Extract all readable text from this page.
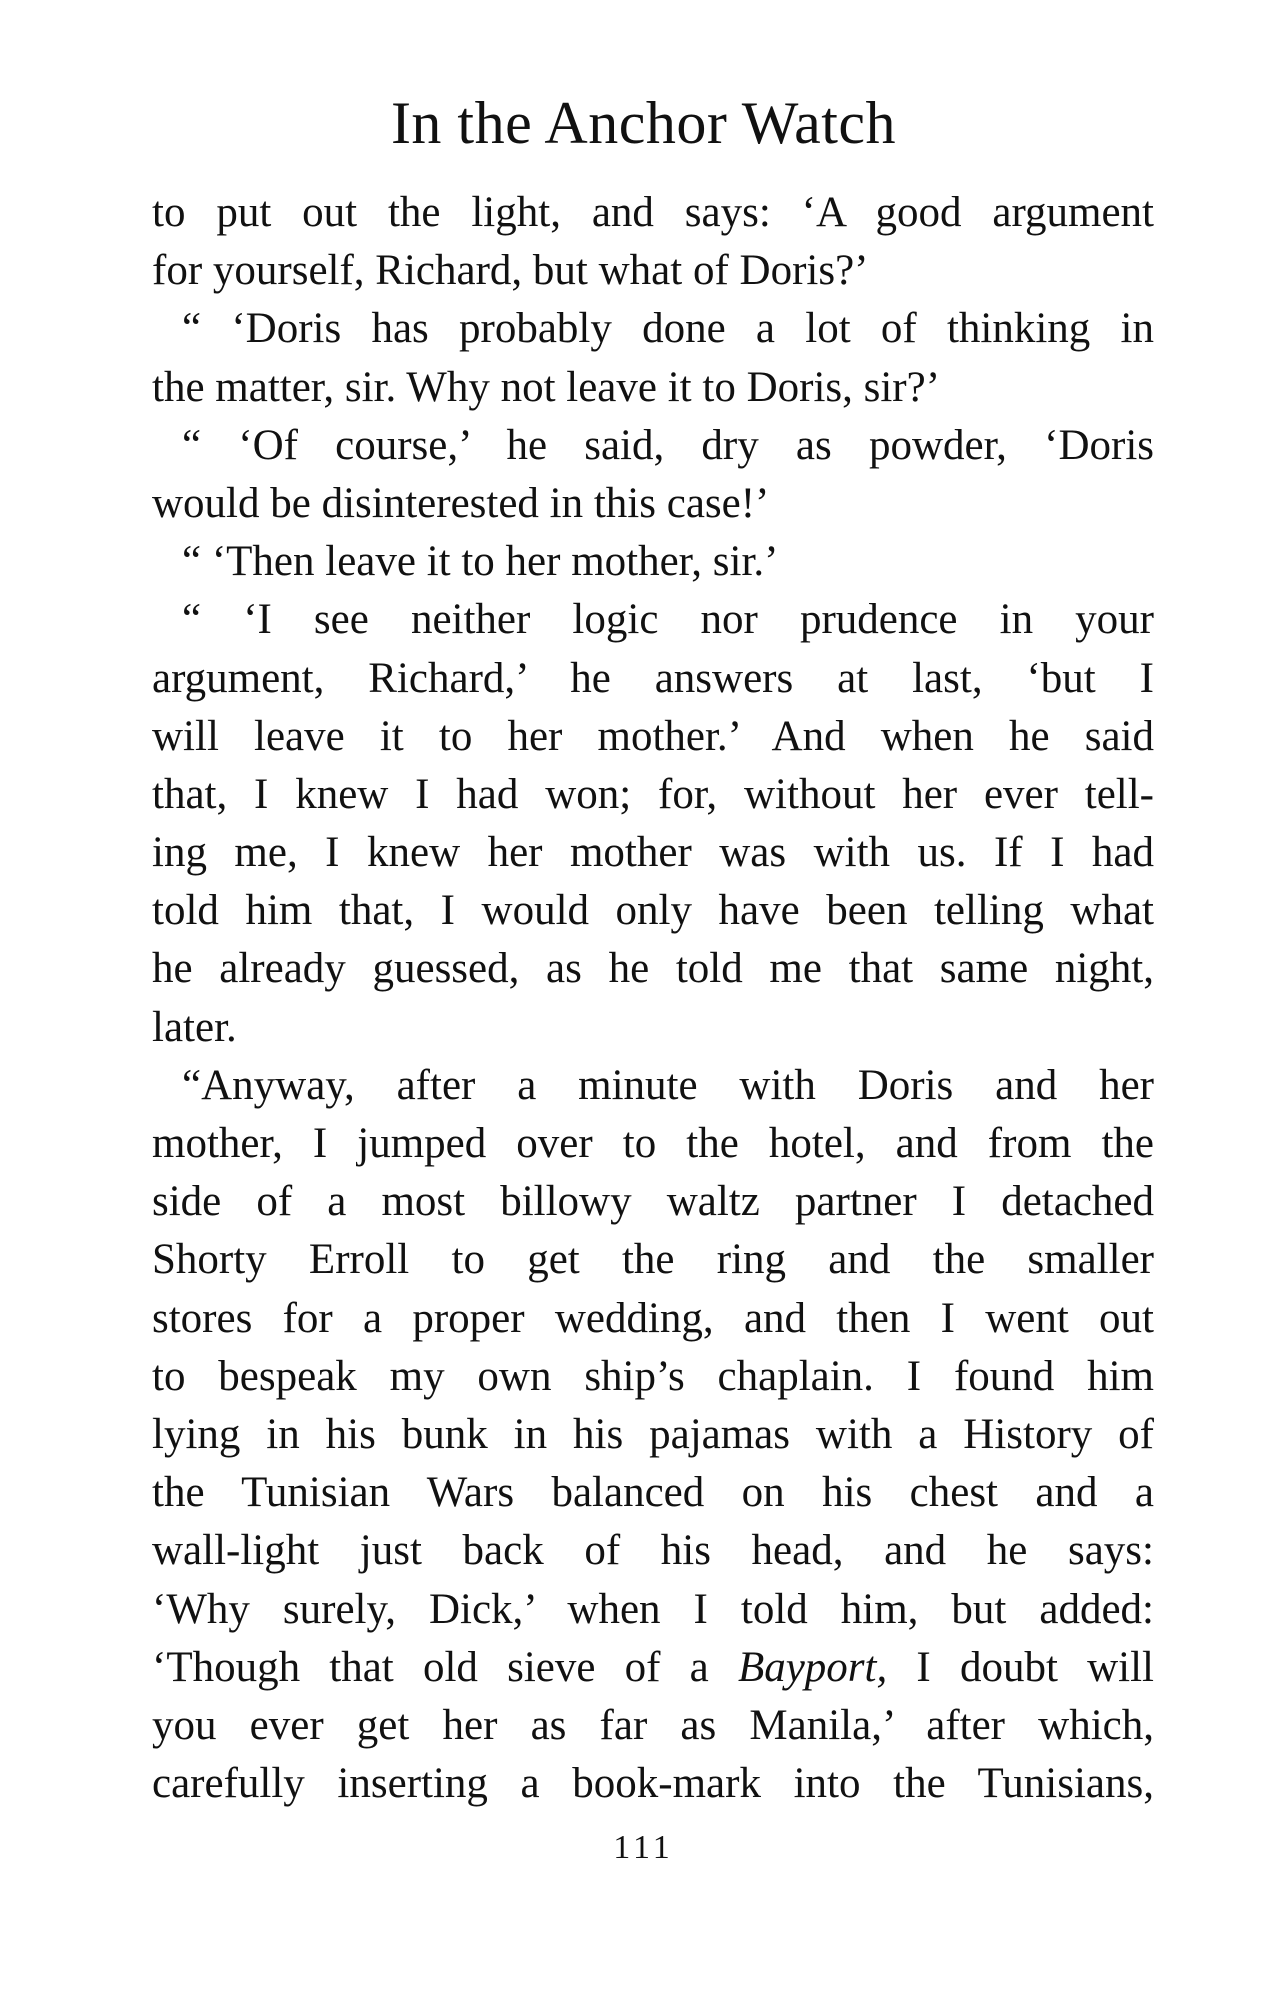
In the Anchor Watch
to put out the light, and says: ‘A good argument
for yourself, Richard, but what of Doris?’
“ ‘Doris has probably done a lot of thinking in
the matter, sir. Why not leave it to Doris, sir?’
“ ‘Of course,’ he said, dry as powder, ‘Doris
would be disinterested in this case!’
“ ‘Then leave it to her mother, sir.’
“ ‘I see neither logic nor prudence in your
argument, Richard,’ he answers at last, ‘but I
will leave it to her mother.’ And when he said
that, I knew I had won; for, without her ever tell-
ing me, I knew her mother was with us. If I had
told him that, I would only have been telling what
he already guessed, as he told me that same night,
later.
“Anyway, after a minute with Doris and her
mother, I jumped over to the hotel, and from the
side of a most billowy waltz partner I detached
Shorty Erroll to get the ring and the smaller
stores for a proper wedding, and then I went out
to bespeak my own ship’s chaplain. I found him
lying in his bunk in his pajamas with a History of
the Tunisian Wars balanced on his chest and a
wall-light just back of his head, and he says:
‘Why surely, Dick,’ when I told him, but added:
‘Though that old sieve of a Bayport, I doubt will
you ever get her as far as Manila,’ after which,
carefully inserting a book-mark into the Tunisians,
111
